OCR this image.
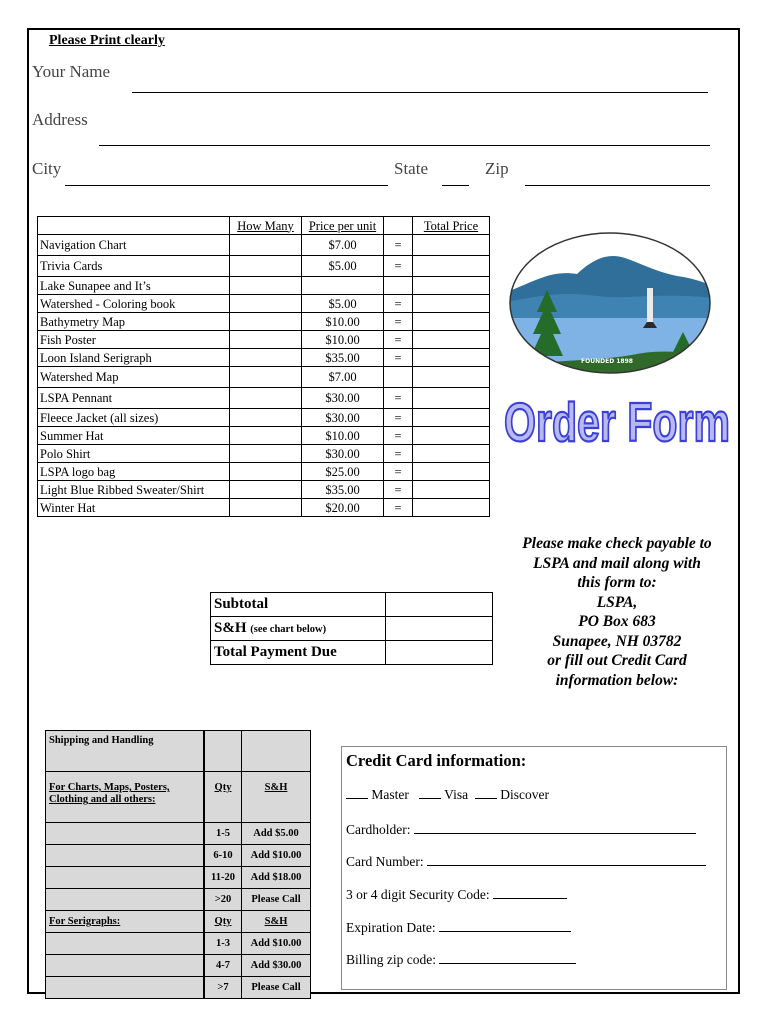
Please Print clearly
Your Name
Address
City	State	Zip
	How Many	Price per unit		Total Price
Navigation Chart		$7.00	=	
Trivia Cards		$5.00	=	
Lake Sunapee and It’s				
Watershed - Coloring book		$5.00	=	
Bathymetry Map		$10.00	=	
Fish Poster		$10.00	=	
Loon Island Serigraph		$35.00	=	
Watershed Map		$7.00		
LSPA Pennant		$30.00	=	
Fleece Jacket (all sizes)		$30.00	=	
Summer Hat		$10.00	=	
Polo Shirt		$30.00	=	
LSPA logo bag		$25.00	=	
Light Blue Ribbed Sweater/Shirt		$35.00	=	
Winter Hat		$20.00	=	
Subtotal	
S&H (see chart below)	
Total Payment Due	
FOUNDED 1898
Order Form
Please make check payable to
LSPA and mail along with
this form to:
LSPA,
PO Box 683
Sunapee, NH 03782
or fill out Credit Card
information below:
Shipping and Handling		
For Charts, Maps, Posters, Clothing and all others:	Qty	S&H
	1-5	Add $5.00
	6-10	Add $10.00
	11-20	Add $18.00
	>20	Please Call
For Serigraphs:	Qty	S&H
	1-3	Add $10.00
	4-7	Add $30.00
	>7	Please Call
Credit Card information:
Master	Visa Discover
Cardholder:
Card Number:
3 or 4 digit Security Code:
Expiration Date:
Billing zip code:
